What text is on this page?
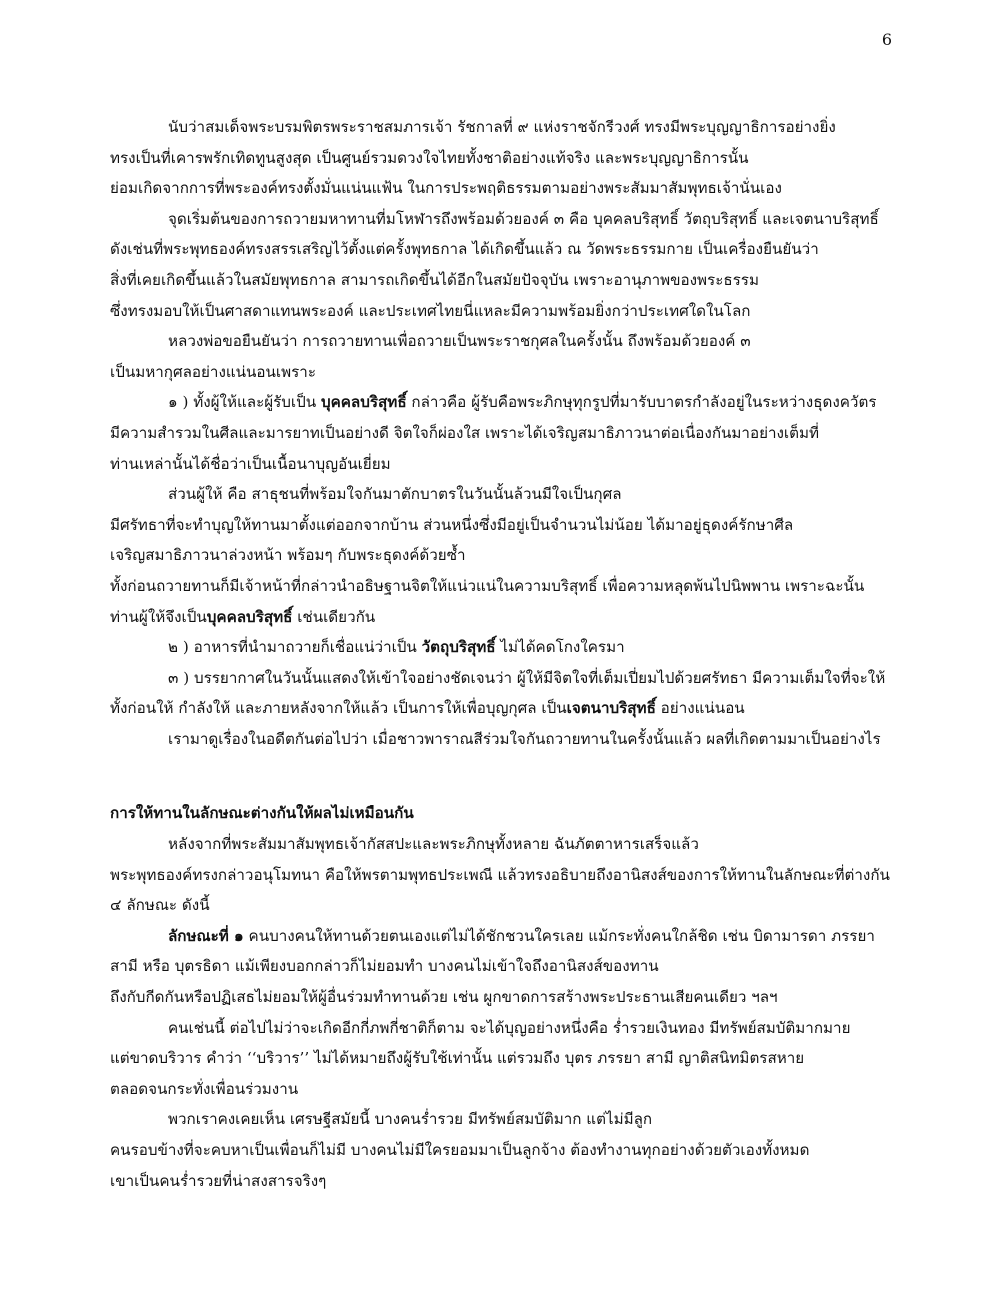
6

นับว่าสมเด็จพระบรมพิตรพระราชสมภารเจ้า รัชกาลที่ ๙ แห่งราชจักรีวงศ์ ทรงมีพระบุญญาธิการอย่างยิ่ง

ทรงเป็นที่เคารพรักเทิดทูนสูงสุด เป็นศูนย์รวมดวงใจไทยทั้งชาติอย่างแท้จริง และพระบุญญาธิการนั้น

ย่อมเกิดจากการที่พระองค์ทรงตั้งมั่นแน่นแฟ้น ในการประพฤติธรรมตามอย่างพระสัมมาสัมพุทธเจ้านั่นเอง

จุดเริ่มต้นของการถวายมหาทานที่มโหฬารถึงพร้อมด้วยองค์ ๓ คือ บุคคลบริสุทธิ์ วัตถุบริสุทธิ์ และเจตนาบริสุทธิ์

ดังเช่นที่พระพุทธองค์ทรงสรรเสริญไว้ตั้งแต่ครั้งพุทธกาล ได้เกิดขึ้นแล้ว ณ วัดพระธรรมกาย เป็นเครื่องยืนยันว่า

สิ่งที่เคยเกิดขึ้นแล้วในสมัยพุทธกาล สามารถเกิดขึ้นได้อีกในสมัยปัจจุบัน เพราะอานุภาพของพระธรรม

ซึ่งทรงมอบให้เป็นศาสดาแทนพระองค์ และประเทศไทยนี่แหละมีความพร้อมยิ่งกว่าประเทศใดในโลก

หลวงพ่อขอยืนยันว่า การถวายทานเพื่อถวายเป็นพระราชกุศลในครั้งนั้น ถึงพร้อมด้วยองค์ ๓

เป็นมหากุศลอย่างแน่นอนเพราะ

๑ ) ทั้งผู้ให้และผู้รับเป็น บุคคลบริสุทธิ์ กล่าวคือ ผู้รับคือพระภิกษุทุกรูปที่มารับบาตรกำลังอยู่ในระหว่างธุดงควัตร

มีความสำรวมในศีลและมารยาทเป็นอย่างดี จิตใจก็ผ่องใส เพราะได้เจริญสมาธิภาวนาต่อเนื่องกันมาอย่างเต็มที่

ท่านเหล่านั้นได้ชื่อว่าเป็นเนื้อนาบุญอันเยี่ยม

ส่วนผู้ให้ คือ สาธุชนที่พร้อมใจกันมาตักบาตรในวันนั้นล้วนมีใจเป็นกุศล

มีศรัทธาที่จะทำบุญให้ทานมาตั้งแต่ออกจากบ้าน ส่วนหนึ่งซึ่งมีอยู่เป็นจำนวนไม่น้อย ได้มาอยู่ธุดงค์รักษาศีล

เจริญสมาธิภาวนาล่วงหน้า พร้อมๆ กับพระธุดงค์ด้วยซ้ำ

ทั้งก่อนถวายทานก็มีเจ้าหน้าที่กล่าวนำอธิษฐานจิตให้แน่วแน่ในความบริสุทธิ์ เพื่อความหลุดพ้นไปนิพพาน เพราะฉะนั้น

ท่านผู้ให้จึงเป็นบุคคลบริสุทธิ์ เช่นเดียวกัน

๒ ) อาหารที่นำมาถวายก็เชื่อแน่ว่าเป็น วัตถุบริสุทธิ์ ไม่ได้คดโกงใครมา

๓ ) บรรยากาศในวันนั้นแสดงให้เข้าใจอย่างชัดเจนว่า ผู้ให้มีจิตใจที่เต็มเปี่ยมไปด้วยศรัทธา มีความเต็มใจที่จะให้

ทั้งก่อนให้ กำลังให้ และภายหลังจากให้แล้ว เป็นการให้เพื่อบุญกุศล เป็นเจตนาบริสุทธิ์ อย่างแน่นอน

เรามาดูเรื่องในอดีตกันต่อไปว่า เมื่อชาวพาราณสีร่วมใจกันถวายทานในครั้งนั้นแล้ว ผลที่เกิดตามมาเป็นอย่างไร

การให้ทานในลักษณะต่างกันให้ผลไม่เหมือนกัน

หลังจากที่พระสัมมาสัมพุทธเจ้ากัสสปะและพระภิกษุทั้งหลาย ฉันภัตตาหารเสร็จแล้ว

พระพุทธองค์ทรงกล่าวอนุโมทนา คือให้พรตามพุทธประเพณี แล้วทรงอธิบายถึงอานิสงส์ของการให้ทานในลักษณะที่ต่างกัน

๔ ลักษณะ ดังนี้

ลักษณะที่ ๑ คนบางคนให้ทานด้วยตนเองแต่ไม่ได้ชักชวนใครเลย แม้กระทั่งคนใกล้ชิด เช่น บิดามารดา ภรรยา

สามี หรือ บุตรธิดา แม้เพียงบอกกล่าวก็ไม่ยอมทำ บางคนไม่เข้าใจถึงอานิสงส์ของทาน

ถึงกับกีดกันหรือปฏิเสธไม่ยอมให้ผู้อื่นร่วมทำทานด้วย เช่น ผูกขาดการสร้างพระประธานเสียคนเดียว ฯลฯ

คนเช่นนี้ ต่อไปไม่ว่าจะเกิดอีกกี่ภพกี่ชาติก็ตาม จะได้บุญอย่างหนึ่งคือ ร่ำรวยเงินทอง มีทรัพย์สมบัติมากมาย

แต่ขาดบริวาร คำว่า ‘‘บริวาร’’ ไม่ได้หมายถึงผู้รับใช้เท่านั้น แต่รวมถึง บุตร ภรรยา สามี ญาติสนิทมิตรสหาย

ตลอดจนกระทั่งเพื่อนร่วมงาน

พวกเราคงเคยเห็น เศรษฐีสมัยนี้ บางคนร่ำรวย มีทรัพย์สมบัติมาก แต่ไม่มีลูก

คนรอบข้างที่จะคบหาเป็นเพื่อนก็ไม่มี บางคนไม่มีใครยอมมาเป็นลูกจ้าง ต้องทำงานทุกอย่างด้วยตัวเองทั้งหมด

เขาเป็นคนร่ำรวยที่น่าสงสารจริงๆ
